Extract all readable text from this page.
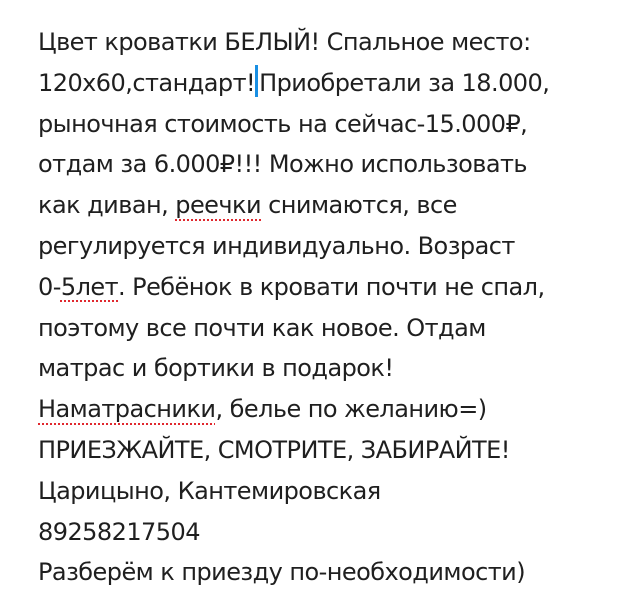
Цвет кроватки БЕЛЫЙ! Спальное место:
120х60,стандарт! Приобретали за 18.000,
рыночная стоимость на сейчас-15.000₽,
отдам за 6.000₽!!! Можно использовать
как диван, реечки снимаются, все
регулируется индивидуально. Возраст
0-5лет. Ребёнок в кровати почти не спал,
поэтому все почти как новое. Отдам
матрас и бортики в подарок!
Наматрасники, белье по желанию=)
ПРИЕЗЖАЙТЕ, СМОТРИТЕ, ЗАБИРАЙТЕ!
Царицыно, Кантемировская
89258217504
Разберём к приезду по-необходимости)
